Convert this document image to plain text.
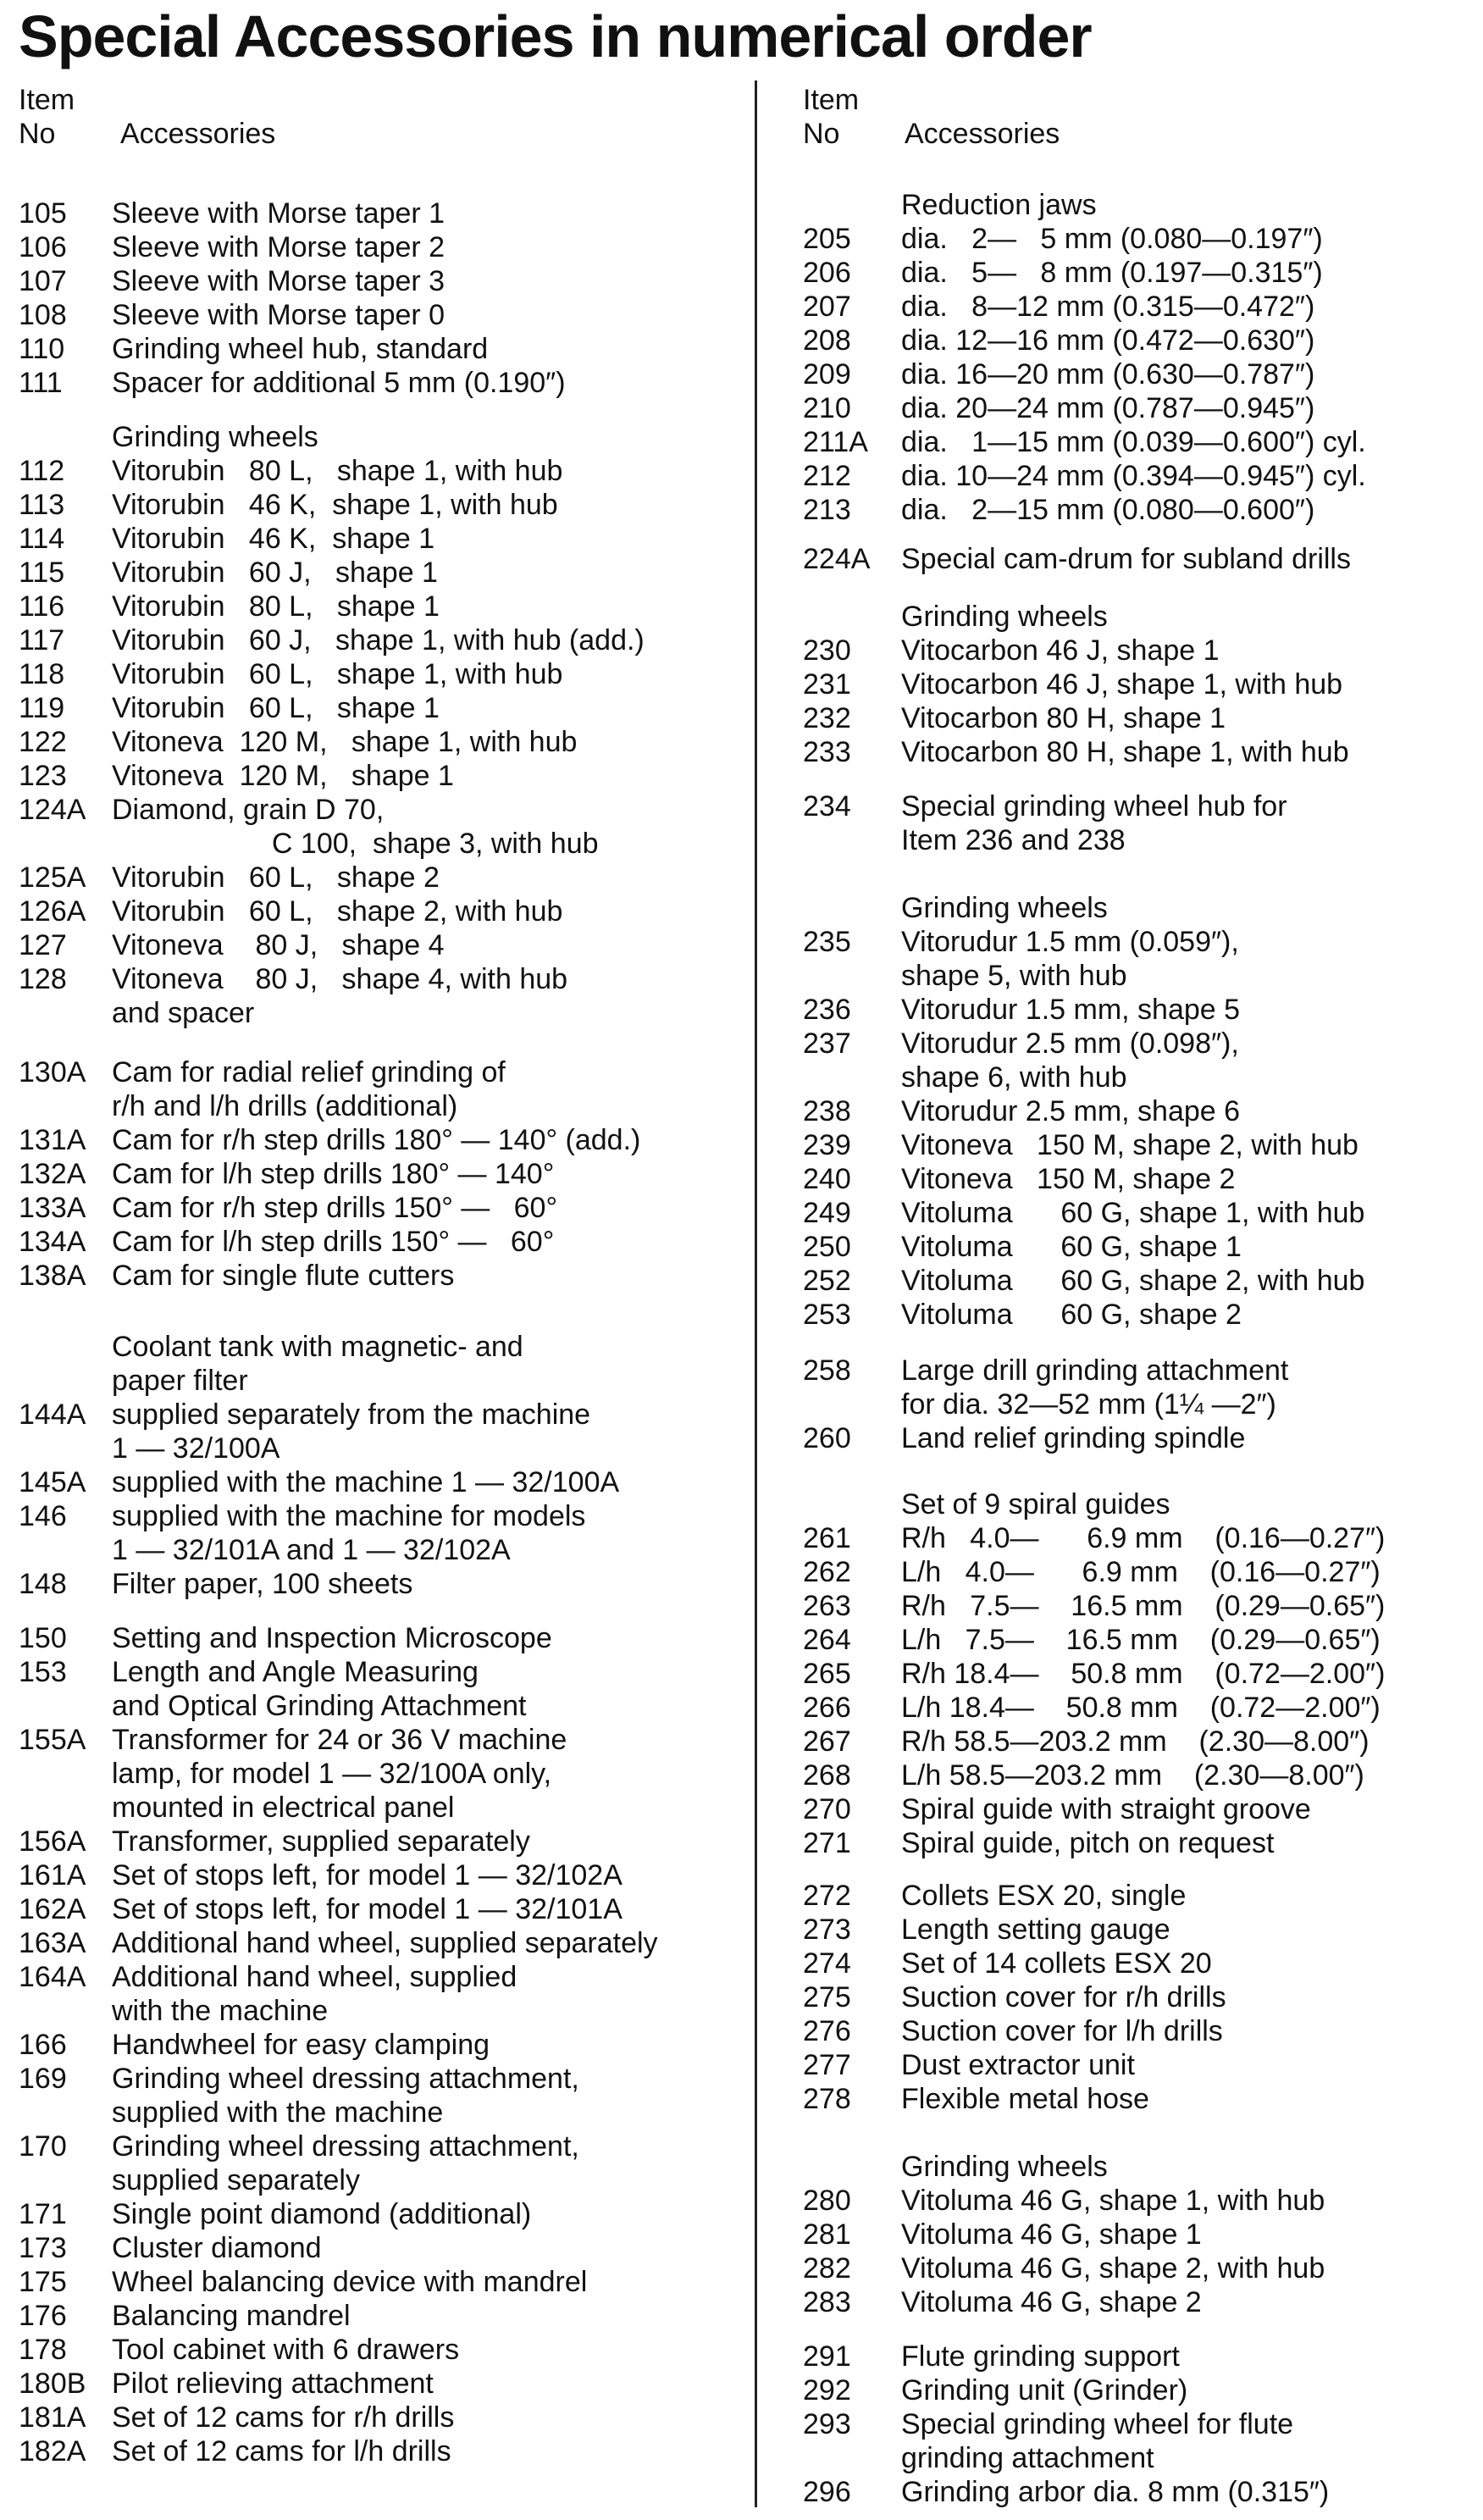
Special Accessories in numerical order
Item
No	Accessories
105 Sleeve with Morse taper 1
106 Sleeve with Morse taper 2
107 Sleeve with Morse taper 3
108 Sleeve with Morse taper 0
110 Grinding wheel hub, standard
111 Spacer for additional 5 mm (0.190″)
Grinding wheels
112 Vitorubin   80 L,   shape 1, with hub
113 Vitorubin   46 K,  shape 1, with hub
114 Vitorubin   46 K,  shape 1
115 Vitorubin   60 J,   shape 1
116 Vitorubin   80 L,   shape 1
117 Vitorubin   60 J,   shape 1, with hub (add.)
118 Vitorubin   60 L,   shape 1, with hub
119 Vitorubin   60 L,   shape 1
122 Vitoneva  120 M,   shape 1, with hub
123 Vitoneva  120 M,   shape 1
124A Diamond, grain D 70,
C 100,  shape 3, with hub
125A Vitorubin   60 L,   shape 2
126A Vitorubin   60 L,   shape 2, with hub
127 Vitoneva    80 J,   shape 4
128 Vitoneva    80 J,   shape 4, with hub
and spacer
130A Cam for radial relief grinding of
r/h and l/h drills (additional)
131A Cam for r/h step drills 180° — 140° (add.)
132A Cam for l/h step drills 180° — 140°
133A Cam for r/h step drills 150° —   60°
134A Cam for l/h step drills 150° —   60°
138A Cam for single flute cutters
Coolant tank with magnetic- and
paper filter
144A supplied separately from the machine
1 — 32/100A
145A supplied with the machine 1 — 32/100A
146 supplied with the machine for models
1 — 32/101A and 1 — 32/102A
148 Filter paper, 100 sheets
150 Setting and Inspection Microscope
153 Length and Angle Measuring
and Optical Grinding Attachment
155A Transformer for 24 or 36 V machine
lamp, for model 1 — 32/100A only,
mounted in electrical panel
156A Transformer, supplied separately
161A Set of stops left, for model 1 — 32/102A
162A Set of stops left, for model 1 — 32/101A
163A Additional hand wheel, supplied separately
164A Additional hand wheel, supplied
with the machine
166 Handwheel for easy clamping
169 Grinding wheel dressing attachment,
supplied with the machine
170 Grinding wheel dressing attachment,
supplied separately
171 Single point diamond (additional)
173 Cluster diamond
175 Wheel balancing device with mandrel
176 Balancing mandrel
178 Tool cabinet with 6 drawers
180B Pilot relieving attachment
181A Set of 12 cams for r/h drills
182A Set of 12 cams for l/h drills
Item
No	Accessories
Reduction jaws
205 dia.   2—   5 mm (0.080—0.197″)
206 dia.   5—   8 mm (0.197—0.315″)
207 dia.   8—12 mm (0.315—0.472″)
208 dia. 12—16 mm (0.472—0.630″)
209 dia. 16—20 mm (0.630—0.787″)
210 dia. 20—24 mm (0.787—0.945″)
211A dia.   1—15 mm (0.039—0.600″) cyl.
212 dia. 10—24 mm (0.394—0.945″) cyl.
213 dia.   2—15 mm (0.080—0.600″)
224A Special cam-drum for subland drills
Grinding wheels
230 Vitocarbon 46 J, shape 1
231 Vitocarbon 46 J, shape 1, with hub
232 Vitocarbon 80 H, shape 1
233 Vitocarbon 80 H, shape 1, with hub
234 Special grinding wheel hub for
Item 236 and 238
Grinding wheels
235 Vitorudur 1.5 mm (0.059″),
shape 5, with hub
236 Vitorudur 1.5 mm, shape 5
237 Vitorudur 2.5 mm (0.098″),
shape 6, with hub
238 Vitorudur 2.5 mm, shape 6
239 Vitoneva   150 M, shape 2, with hub
240 Vitoneva   150 M, shape 2
249 Vitoluma      60 G, shape 1, with hub
250 Vitoluma      60 G, shape 1
252 Vitoluma      60 G, shape 2, with hub
253 Vitoluma      60 G, shape 2
258 Large drill grinding attachment
for dia. 32—52 mm (1¼ —2″)
260 Land relief grinding spindle
Set of 9 spiral guides
261 R/h   4.0—      6.9 mm    (0.16—0.27″)
262 L/h   4.0—      6.9 mm    (0.16—0.27″)
263 R/h   7.5—    16.5 mm    (0.29—0.65″)
264 L/h   7.5—    16.5 mm    (0.29—0.65″)
265 R/h 18.4—    50.8 mm    (0.72—2.00″)
266 L/h 18.4—    50.8 mm    (0.72—2.00″)
267 R/h 58.5—203.2 mm    (2.30—8.00″)
268 L/h 58.5—203.2 mm    (2.30—8.00″)
270 Spiral guide with straight groove
271 Spiral guide, pitch on request
272 Collets ESX 20, single
273 Length setting gauge
274 Set of 14 collets ESX 20
275 Suction cover for r/h drills
276 Suction cover for l/h drills
277 Dust extractor unit
278 Flexible metal hose
Grinding wheels
280 Vitoluma 46 G, shape 1, with hub
281 Vitoluma 46 G, shape 1
282 Vitoluma 46 G, shape 2, with hub
283 Vitoluma 46 G, shape 2
291 Flute grinding support
292 Grinding unit (Grinder)
293 Special grinding wheel for flute
grinding attachment
296 Grinding arbor dia. 8 mm (0.315″)
